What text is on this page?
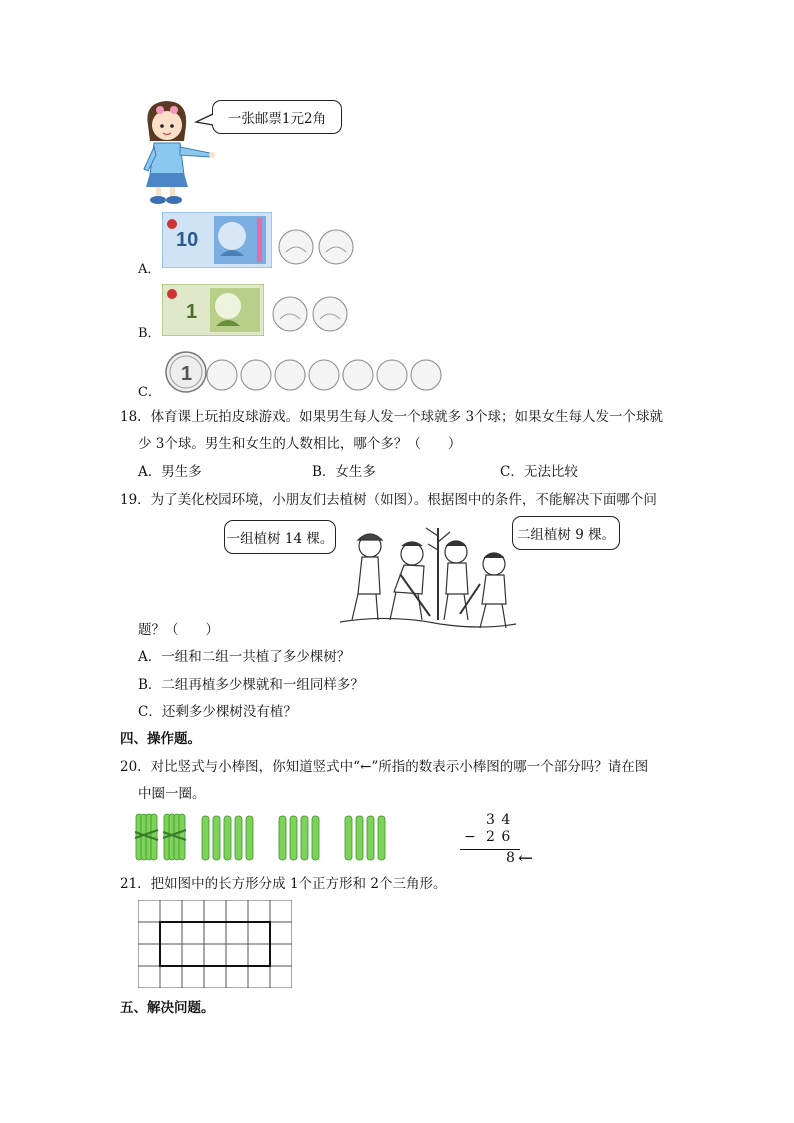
一张邮票1元2角
A．
10
B．
1
C．
1
18．体育课上玩拍皮球游戏。如果男生每人发一个球就多 3个球；如果女生每人发一个球就
少 3个球。男生和女生的人数相比，哪个多？（　　）
A．男生多	B．女生多	C．无法比较
19．为了美化校园环境，小朋友们去植树（如图）。根据图中的条件，不能解决下面哪个问
一组植树 14 棵。	二组植树 9 棵。
题？（　　）
A．一组和二组一共植了多少棵树？
B．二组再植多少棵就和一组同样多？
C．还剩多少棵树没有植？
四、操作题。
20．对比竖式与小棒图，你知道竖式中“←”所指的数表示小棒图的哪一个部分吗？请在图
中圈一圈。
3 4
− 2 6
8 ←
21．把如图中的长方形分成 1个正方形和 2个三角形。
五、解决问题。
